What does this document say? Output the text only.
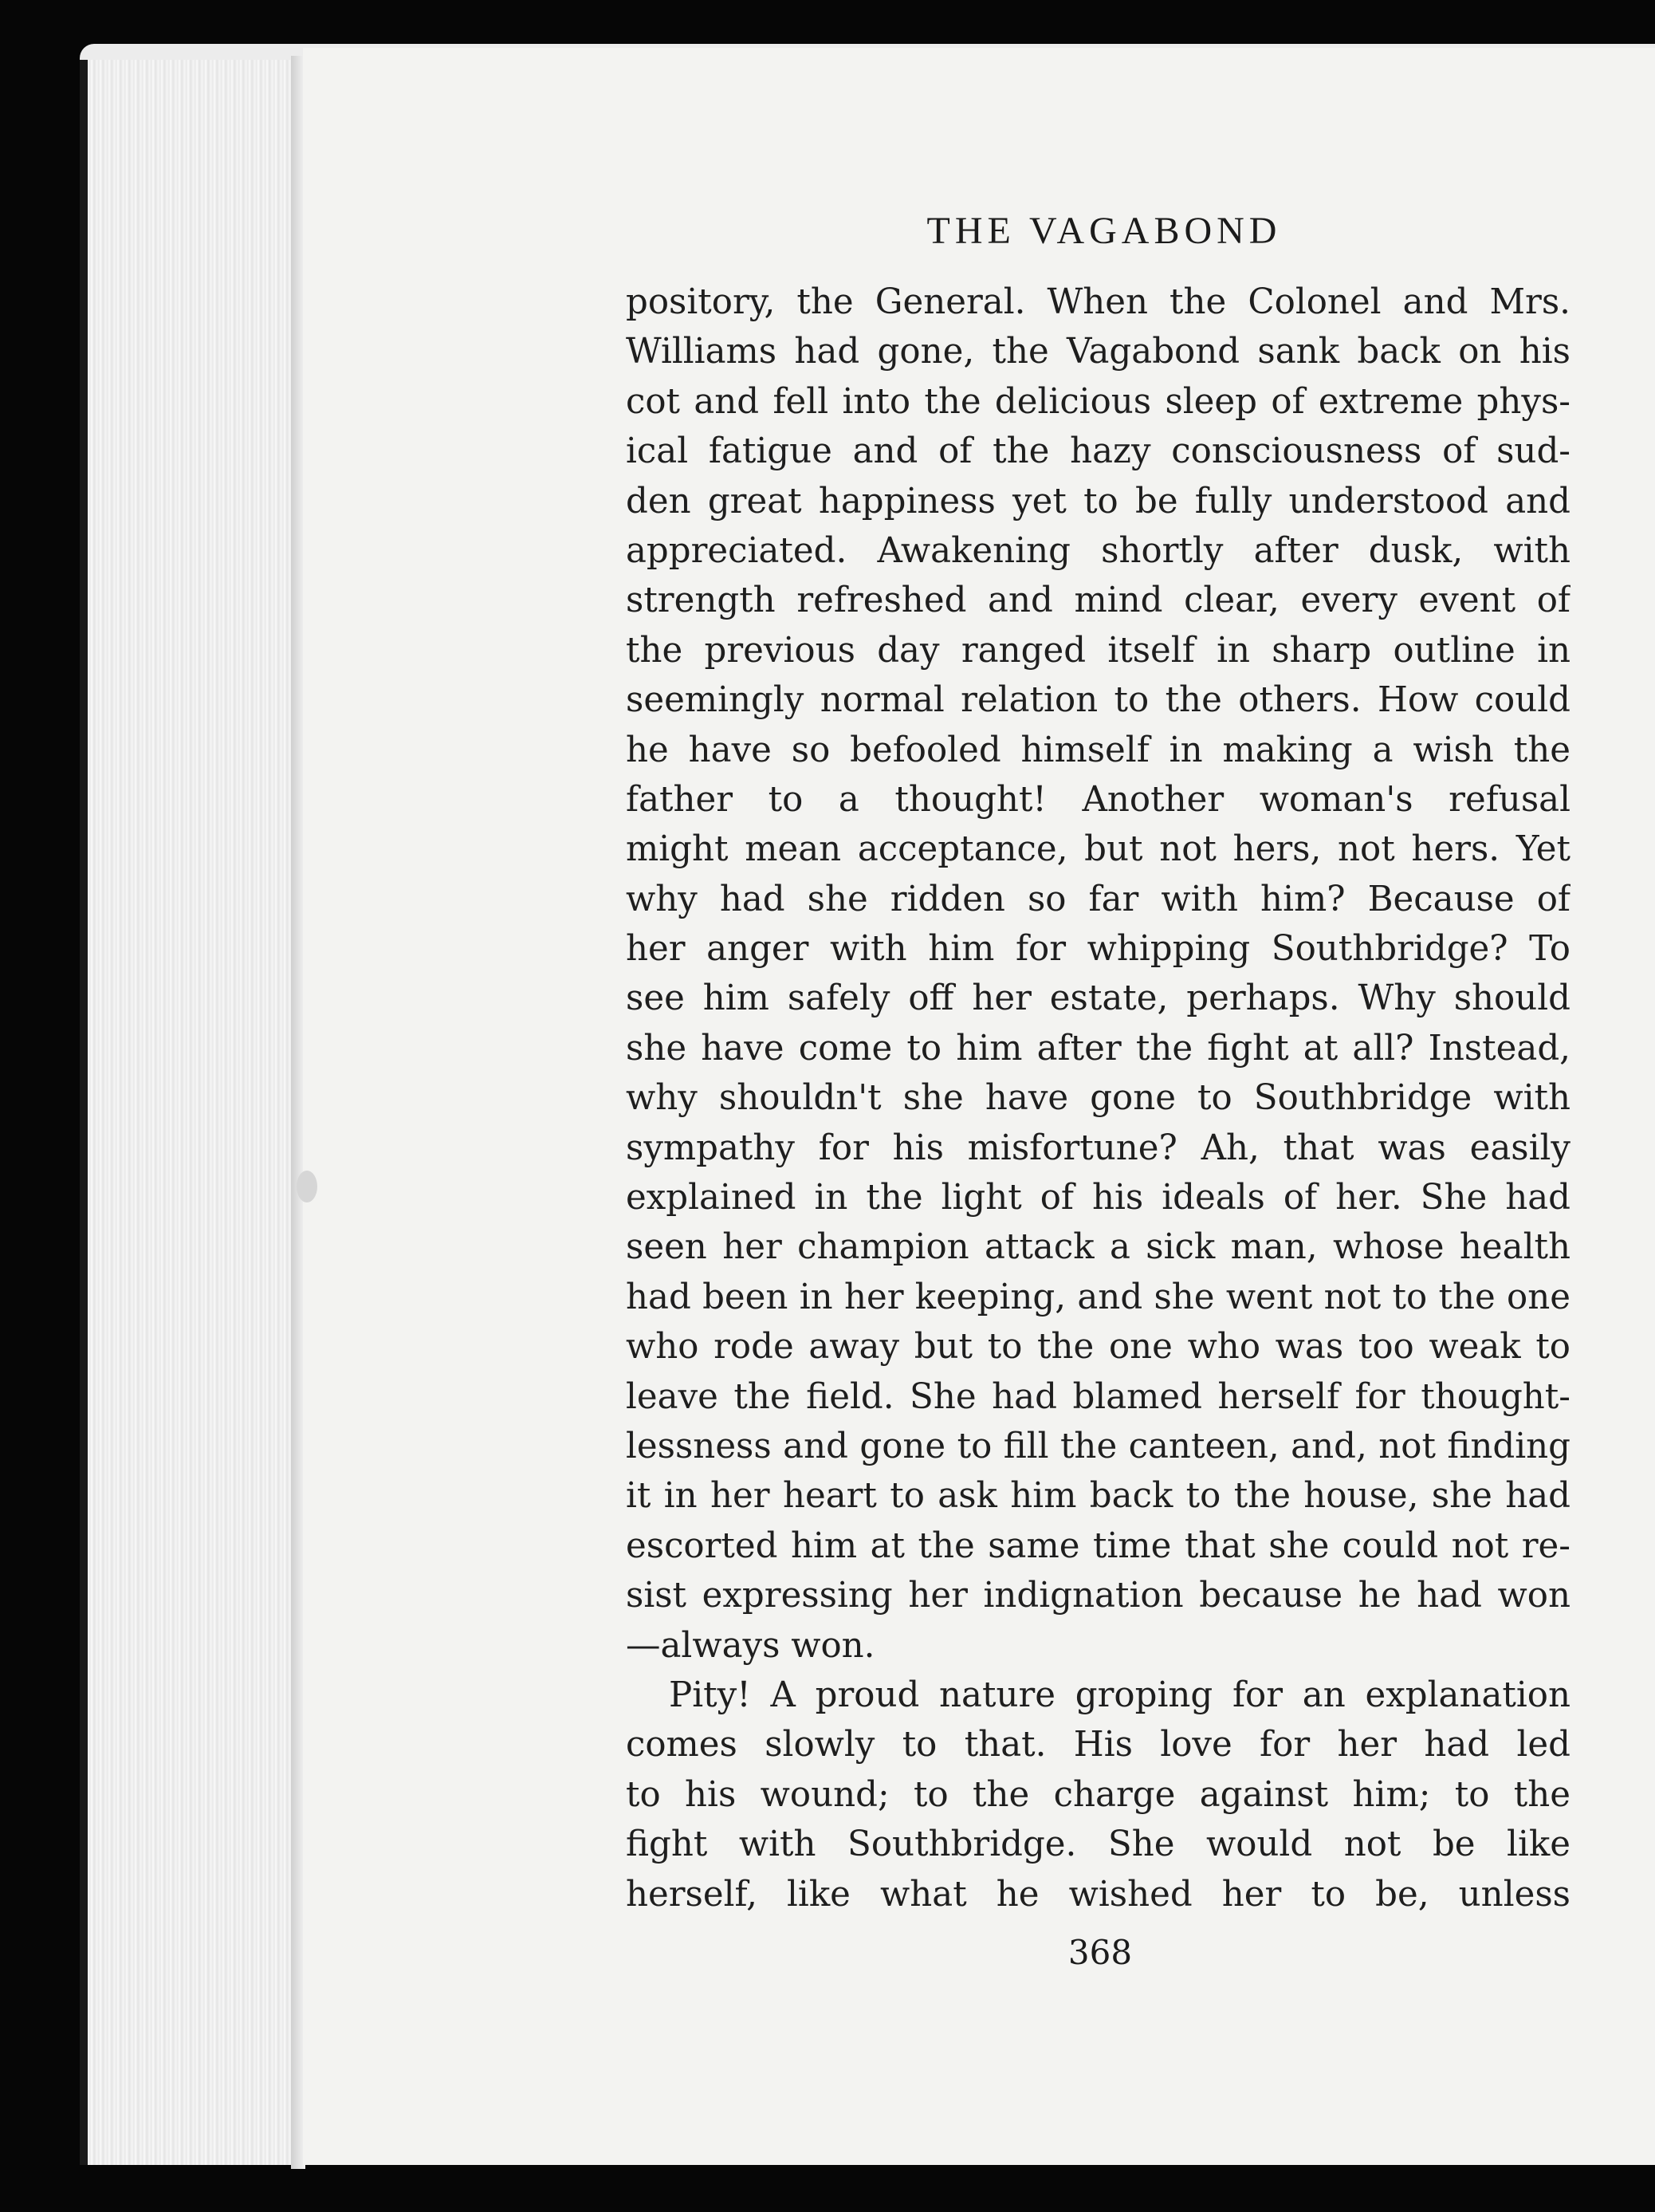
THE VAGABOND
pository, the General. When the Colonel and Mrs.
Williams had gone, the Vagabond sank back on his
cot and fell into the delicious sleep of extreme phys-
ical fatigue and of the hazy consciousness of sud-
den great happiness yet to be fully understood and
appreciated. Awakening shortly after dusk, with
strength refreshed and mind clear, every event of
the previous day ranged itself in sharp outline in
seemingly normal relation to the others. How could
he have so befooled himself in making a wish the
father to a thought! Another woman's refusal
might mean acceptance, but not hers, not hers. Yet
why had she ridden so far with him? Because of
her anger with him for whipping Southbridge? To
see him safely off her estate, perhaps. Why should
she have come to him after the fight at all? Instead,
why shouldn't she have gone to Southbridge with
sympathy for his misfortune? Ah, that was easily
explained in the light of his ideals of her. She had
seen her champion attack a sick man, whose health
had been in her keeping, and she went not to the one
who rode away but to the one who was too weak to
leave the field. She had blamed herself for thought-
lessness and gone to fill the canteen, and, not finding
it in her heart to ask him back to the house, she had
escorted him at the same time that she could not re-
sist expressing her indignation because he had won
—always won.
Pity! A proud nature groping for an explanation
comes slowly to that. His love for her had led
to his wound; to the charge against him; to the
fight with Southbridge. She would not be like
herself, like what he wished her to be, unless
368
